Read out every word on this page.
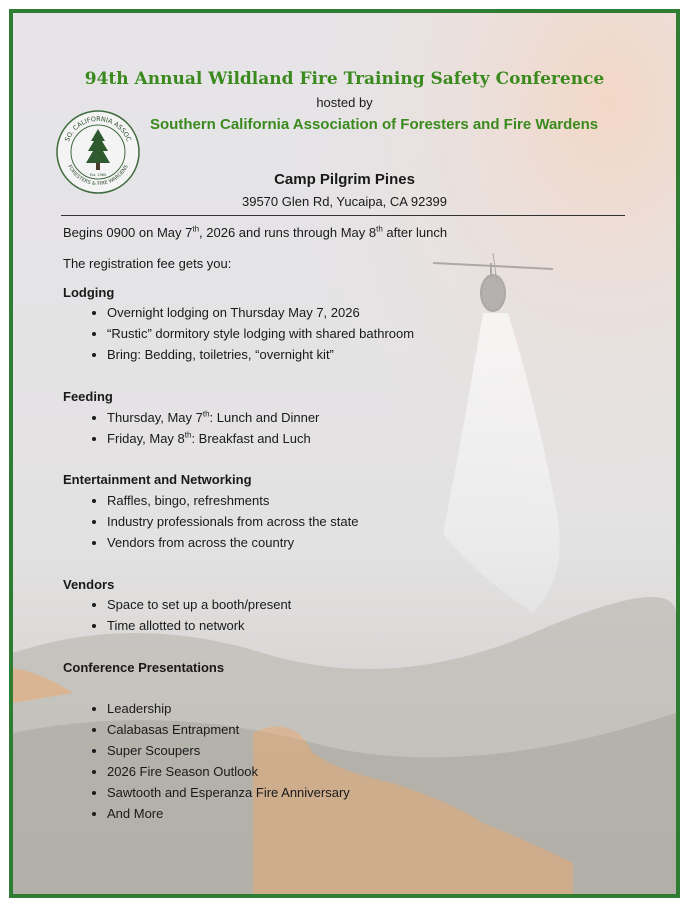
94th Annual Wildland Fire Training Safety Conference
hosted by
SO. CALIFORNIA ASSOC
FORESTERS & FIRE WARDENS
Est. 1960
Southern California Association of Foresters and Fire Wardens
Camp Pilgrim Pines
39570 Glen Rd, Yucaipa, CA 92399
Begins 0900 on May 7th, 2026 and runs through May 8th after lunch
The registration fee gets you:
Lodging
• Overnight lodging on Thursday May 7, 2026
• “Rustic” dormitory style lodging with shared bathroom
• Bring: Bedding, toiletries, “overnight kit”
Feeding
• Thursday, May 7th: Lunch and Dinner
• Friday, May 8th: Breakfast and Luch
Entertainment and Networking
• Raffles, bingo, refreshments
• Industry professionals from across the state
• Vendors from across the country
Vendors
• Space to set up a booth/present
• Time allotted to network
Conference Presentations
• Leadership
• Calabasas Entrapment
• Super Scoupers
• 2026 Fire Season Outlook
• Sawtooth and Esperanza Fire Anniversary
• And More
